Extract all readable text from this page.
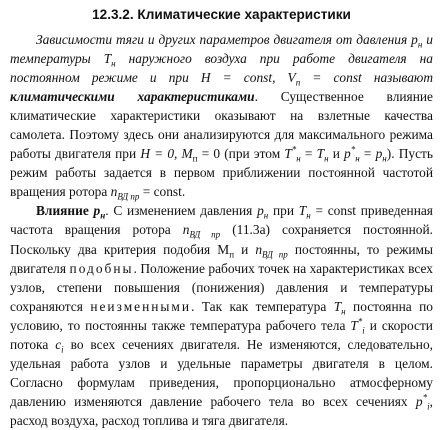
12.3.2. Климатические характеристики

Зависимости тяги и других параметров двигателя от давления $p_н$ и температуры $T_н$ наружного воздуха при работе двигателя на постоянном режиме и при H = const, $V_п$ = const называют климатическими характеристиками. Существенное влияние климатические характеристики оказывают на взлетные качества самолета. Поэтому здесь они анализируются для максимального режима работы двигателя при H = 0, $M_п = 0$ (при этом $T^*_н = T_н$ и $p^*_н = p_н$). Пусть режим работы задается в первом приближении постоянной частотой вращения ротора $n_{ВД пр}$ = const.

Влияние $p_н$. С изменением давления $p_н$ при $T_н$ = const приведенная частота вращения ротора $n_{ВД пр}$ (11.3а) сохраняется постоянной. Поскольку два критерия подобия $M_п$ и $n_{ВД пр}$ постоянны, то режимы двигателя подобны. Положение рабочих точек на характеристиках всех узлов, степени повышения (понижения) давления и температуры сохраняются неизменными. Так как температура $T_н$ постоянна по условию, то постоянны также температура рабочего тела $T^*_i$ и скорости потока $c_i$ во всех сечениях двигателя. Не изменяются, следовательно, удельная работа узлов и удельные параметры двигателя в целом. Согласно формулам приведения, пропорционально атмосферному давлению изменяются давление рабочего тела во всех сечениях $p^*_i$, расход воздуха, расход топлива и тяга двигателя.
